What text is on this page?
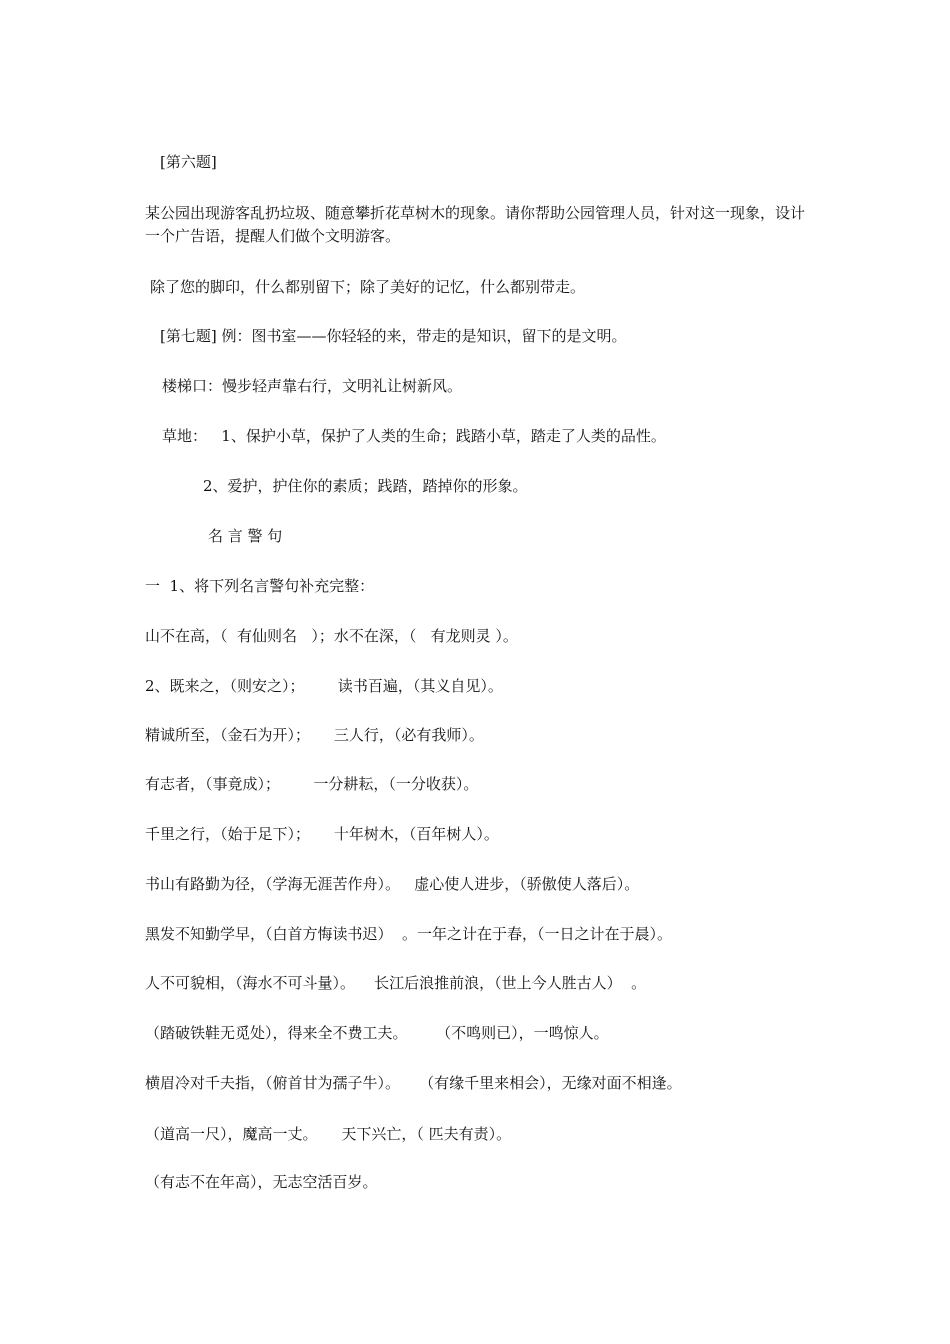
[第六题]
某公园出现游客乱扔垃圾、随意攀折花草树木的现象。请你帮助公园管理人员，针对这一现象，设计一个广告语，提醒人们做个文明游客。
除了您的脚印，什么都别留下；除了美好的记忆，什么都别带走。
[第七题] 例：图书室——你轻轻的来，带走的是知识，留下的是文明。
楼梯口：慢步轻声靠右行，文明礼让树新风。
草地：   1、保护小草，保护了人类的生命；践踏小草，踏走了人类的品性。
2、爱护，护住你的素质；践踏，踏掉你的形象。
名 言 警 句
一  1、将下列名言警句补充完整：
山不在高，（  有仙则名   ）；水不在深，（   有龙则灵 ）。
2、既来之，（则安之）；       读书百遍，（其义自见）。
精诚所至，（金石为开）；     三人行，（必有我师）。
有志者，（事竟成）；       一分耕耘，（一分收获）。
千里之行，（始于足下）；     十年树木，（百年树人）。
书山有路勤为径，（学海无涯苦作舟）。   虚心使人进步，（骄傲使人落后）。
黑发不知勤学早，（白首方悔读书迟）  。一年之计在于春，（一日之计在于晨）。
人不可貌相，（海水不可斗量）。    长江后浪推前浪，（世上今人胜古人）  。
（踏破铁鞋无觅处），得来全不费工夫。      （不鸣则已），一鸣惊人。
横眉冷对千夫指，（俯首甘为孺子牛）。    （有缘千里来相会），无缘对面不相逢。
（道高一尺），魔高一丈。     天下兴亡，（ 匹夫有责）。
（有志不在年高），无志空活百岁。
